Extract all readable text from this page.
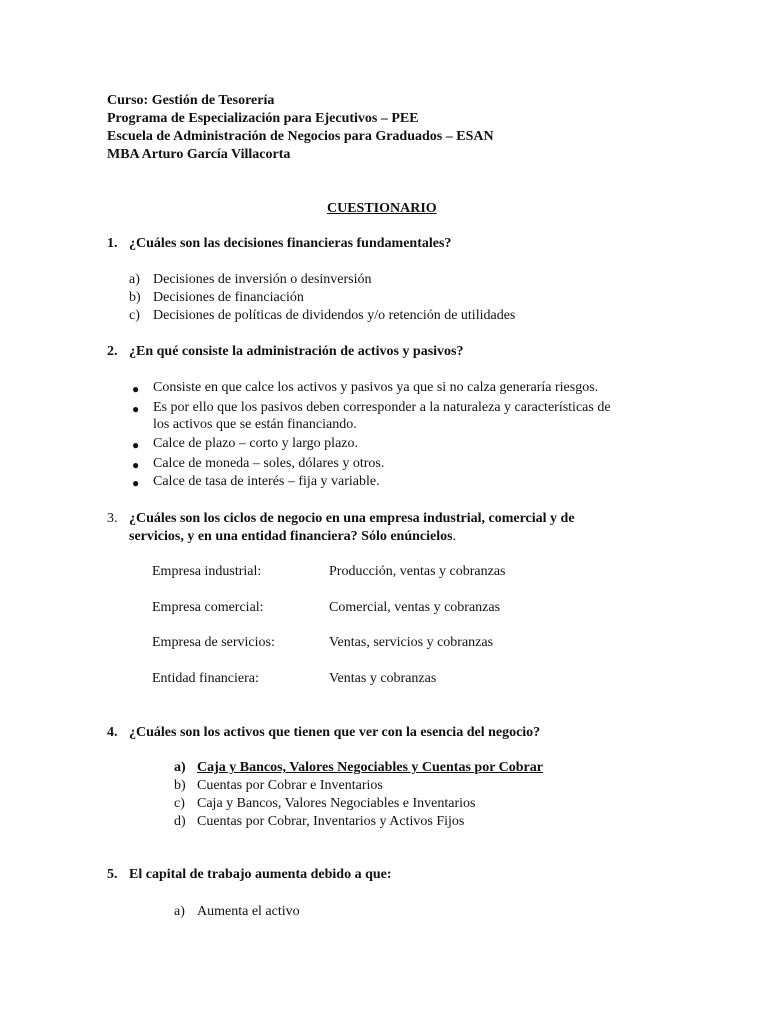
Curso: Gestión de Tesorería
Programa de Especialización para Ejecutivos – PEE
Escuela de Administración de Negocios para Graduados – ESAN
MBA Arturo García Villacorta
CUESTIONARIO
1. ¿Cuáles son las decisiones financieras fundamentales?
a) Decisiones de inversión o desinversión
b) Decisiones de financiación
c) Decisiones de políticas de dividendos y/o retención de utilidades
2. ¿En qué consiste la administración de activos y pasivos?
● Consiste en que calce los activos y pasivos ya que si no calza generaría riesgos.
● Es por ello que los pasivos deben corresponder a la naturaleza y características de
los activos que se están financiando.
● Calce de plazo – corto y largo plazo.
● Calce de moneda – soles, dólares y otros.
● Calce de tasa de interés – fija y variable.
3. ¿Cuáles son los ciclos de negocio en una empresa industrial, comercial y de
servicios, y en una entidad financiera? Sólo enúncielos.
Empresa industrial:	Producción, ventas y cobranzas
Empresa comercial:	Comercial, ventas y cobranzas
Empresa de servicios:	Ventas, servicios y cobranzas
Entidad financiera:	Ventas y cobranzas
4. ¿Cuáles son los activos que tienen que ver con la esencia del negocio?
a) Caja y Bancos, Valores Negociables y Cuentas por Cobrar
b) Cuentas por Cobrar e Inventarios
c) Caja y Bancos, Valores Negociables e Inventarios
d) Cuentas por Cobrar, Inventarios y Activos Fijos
5. El capital de trabajo aumenta debido a que:
a) Aumenta el activo
